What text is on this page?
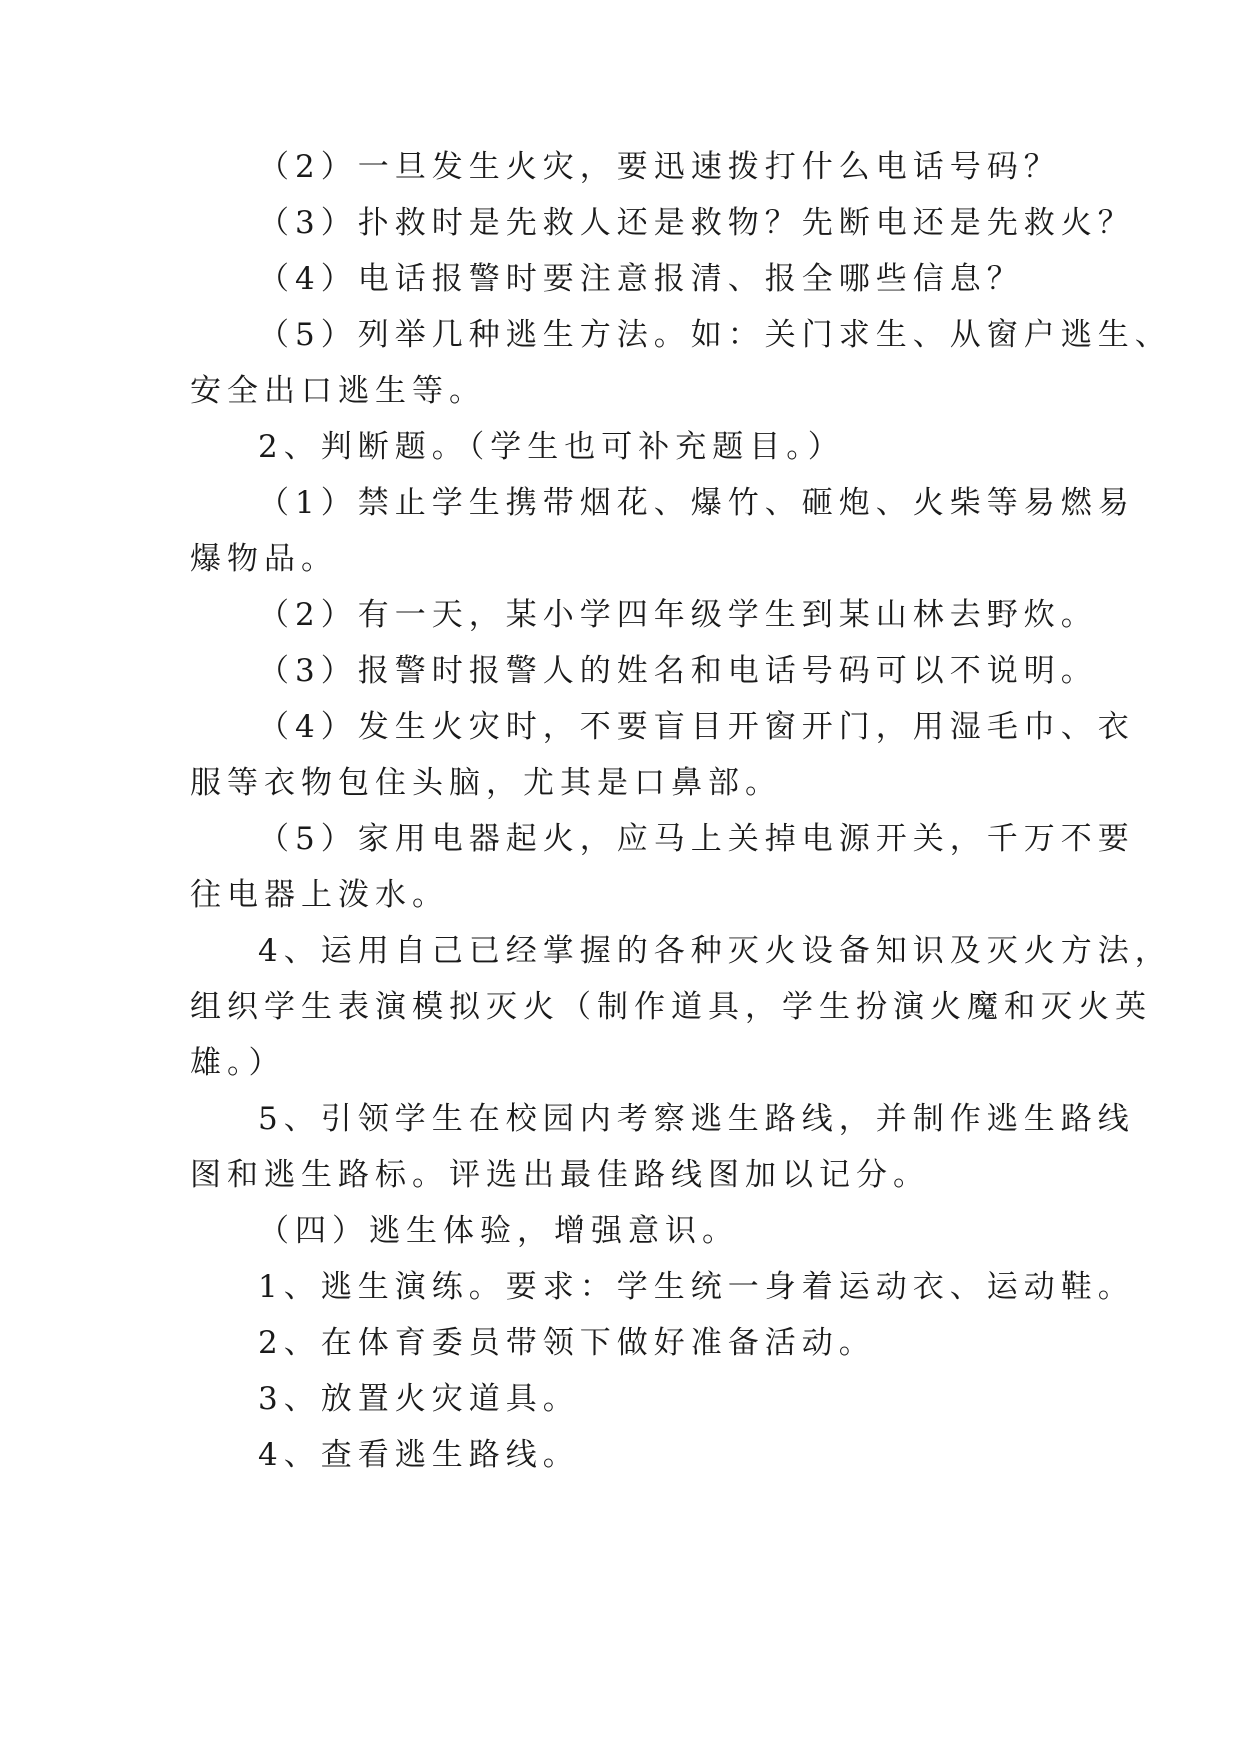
（2）一旦发生火灾，要迅速拨打什么电话号码？
（3）扑救时是先救人还是救物？先断电还是先救火？
（4）电话报警时要注意报清、报全哪些信息？
（5）列举几种逃生方法。如：关门求生、从窗户逃生、
安全出口逃生等。
2、判断题。（学生也可补充题目。）
（1）禁止学生携带烟花、爆竹、砸炮、火柴等易燃易
爆物品。
（2）有一天，某小学四年级学生到某山林去野炊。
（3）报警时报警人的姓名和电话号码可以不说明。
（4）发生火灾时，不要盲目开窗开门，用湿毛巾、衣
服等衣物包住头脑，尤其是口鼻部。
（5）家用电器起火，应马上关掉电源开关，千万不要
往电器上泼水。
4、运用自己已经掌握的各种灭火设备知识及灭火方法，
组织学生表演模拟灭火（制作道具，学生扮演火魔和灭火英
雄。）
5、引领学生在校园内考察逃生路线，并制作逃生路线
图和逃生路标。评选出最佳路线图加以记分。
（四）逃生体验，增强意识。
1、逃生演练。要求：学生统一身着运动衣、运动鞋。
2、在体育委员带领下做好准备活动。
3、放置火灾道具。
4、查看逃生路线。
